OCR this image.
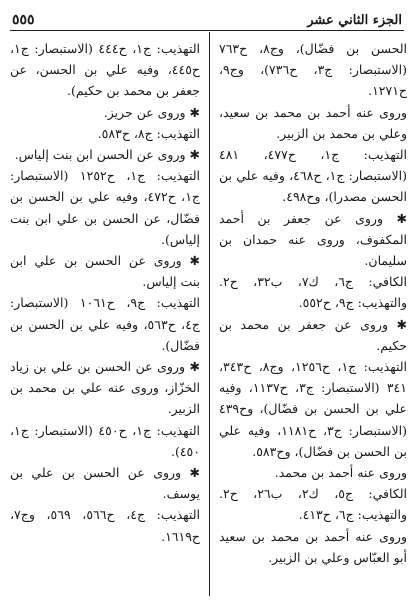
٥٥٥	الجزء الثاني عشر

الحسن بن فضّال)، وج٨، ح٧٦٣ (الاستبصار: ج٣، ح٧٣٦)، وج٩، ح١٢٧١.

وروى عنه أحمد بن محمد بن سعيد، وعلي بن محمد بن الزبير.

التهذيب: ج١، ح٤٧٧، ٤٨١ (الاستبصار: ج١، ح٤٦٨، وفيه علي بن الحسن مصدرا)، وح٤٩٨.

✱ وروى عن جعفر بن أحمد المكفوف، وروى عنه حمدان بن سليمان.

الكافي: ج٦، ك٧، ب٣٢، ح٢. والتهذيب: ج٩، ح٥٥٢.

✱ وروى عن جعفر بن محمد بن حكيم.

التهذيب: ج١، ح١٢٥٦، وج٨، ح٣٤٣، ٣٤١ (الاستبصار: ج٣، ح١١٣٧، وفيه علي بن الحسن بن فضّال)، وح٤٣٩ (الاستبصار: ج٣، ح١١٨١، وفيه علي بن الحسن بن فضّال)، وح٥٨٣.

وروى عنه أحمد بن محمد.

الكافي: ج٥، ك٢، ب٢٦، ح٢. والتهذيب: ج٦، ح٤١٣.

وروى عنه أحمد بن محمد بن سعيد أبو العبّاس وعلي بن الزبير.

التهذيب: ج١، ح٤٤٤ (الاستبصار: ج١، ح٤٤٥، وفيه علي بن الحسن، عن جعفر بن محمد بن حكيم).

✱ وروى عن حريز.

التهذيب: ج٨، ح٥٨٣.

✱ وروى عن الحسن ابن بنت إلياس.

التهذيب: ج١، ح١٢٥٢ (الاستبصار: ج١، ح٤٧٢، وفيه علي بن الحسن بن فضّال، عن الحسن بن علي ابن بنت إلياس).

✱ وروى عن الحسن بن علي ابن بنت إلياس.

التهذيب: ج٩، ح١٠٦١ (الاستبصار: ج٤، ح٥٦٣، وفيه علي بن الحسن بن فضّال).

✱ وروى عن الحسن بن علي بن زياد الخزّاز، وروى عنه علي بن محمد بن الزبير.

التهذيب: ج١، ح٤٥٠ (الاستبصار: ج١، ٤٥٠).

✱ وروى عن الحسن بن علي بن يوسف.

التهذيب: ج٤، ح٥٦٦، ٥٦٩، وج٧، ح١٦١٩.
